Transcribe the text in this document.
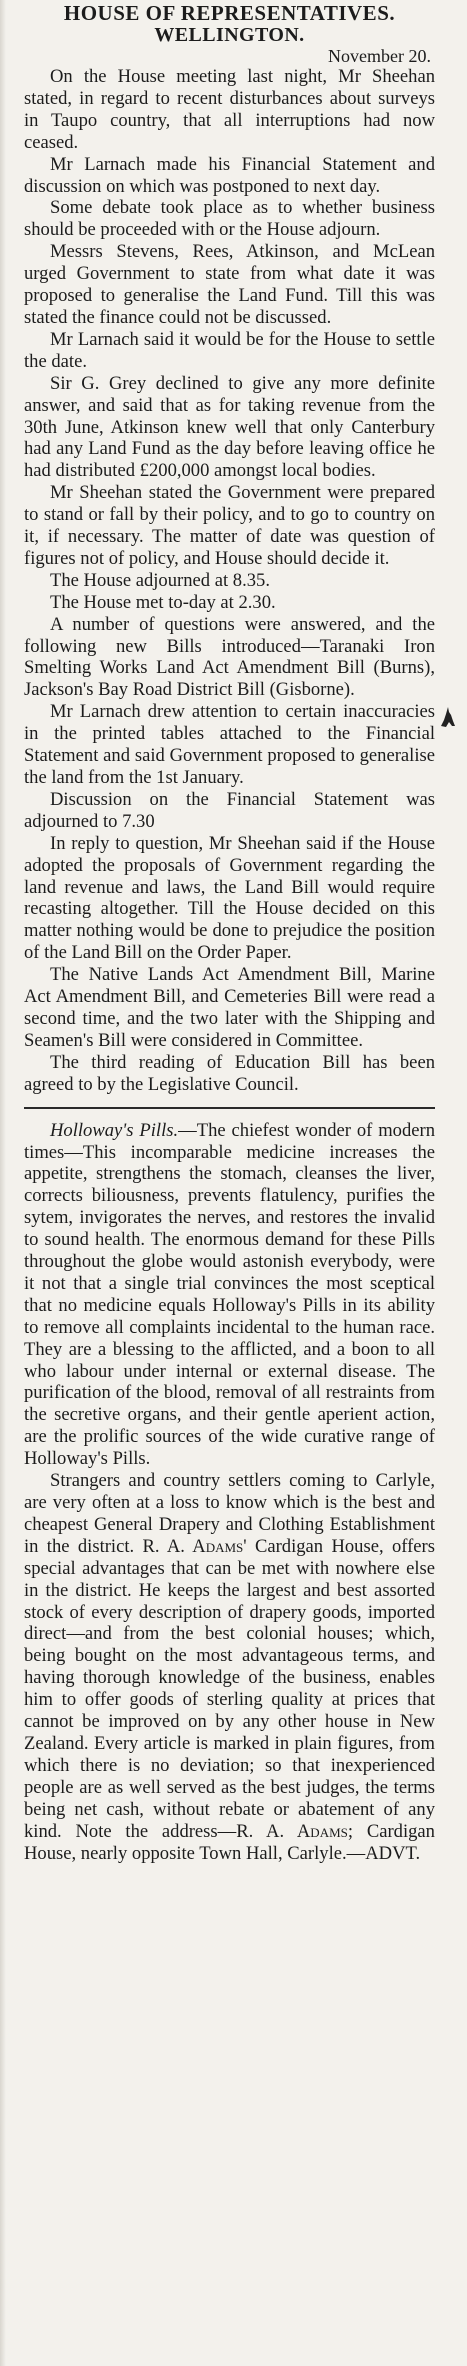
HOUSE OF REPRESENTATIVES.
WELLINGTON.
November 20.

On the House meeting last night, Mr Sheehan stated, in regard to recent disturbances about surveys in Taupo country, that all interruptions had now ceased.

Mr Larnach made his Financial Statement and discussion on which was postponed to next day.

Some debate took place as to whether business should be proceeded with or the House adjourn.

Messrs Stevens, Rees, Atkinson, and McLean urged Government to state from what date it was proposed to generalise the Land Fund. Till this was stated the finance could not be discussed.

Mr Larnach said it would be for the House to settle the date.

Sir G. Grey declined to give any more definite answer, and said that as for taking revenue from the 30th June, Atkinson knew well that only Canterbury had any Land Fund as the day before leaving office he had distributed £200,000 amongst local bodies.

Mr Sheehan stated the Government were prepared to stand or fall by their policy, and to go to country on it, if necessary. The matter of date was question of figures not of policy, and House should decide it.

The House adjourned at 8.35.

The House met to-day at 2.30.

A number of questions were answered, and the following new Bills introduced—Taranaki Iron Smelting Works Land Act Amendment Bill (Burns), Jackson's Bay Road District Bill (Gisborne).

Mr Larnach drew attention to certain inaccuracies in the printed tables attached to the Financial Statement and said Government proposed to generalise the land from the 1st January.

Discussion on the Financial Statement was adjourned to 7.30

In reply to question, Mr Sheehan said if the House adopted the proposals of Government regarding the land revenue and laws, the Land Bill would require recasting altogether. Till the House decided on this matter nothing would be done to prejudice the position of the Land Bill on the Order Paper.

The Native Lands Act Amendment Bill, Marine Act Amendment Bill, and Cemeteries Bill were read a second time, and the two later with the Shipping and Seamen's Bill were considered in Committee.

The third reading of Education Bill has been agreed to by the Legislative Council.

Holloway's Pills.—The chiefest wonder of modern times—This incomparable medicine increases the appetite, strengthens the stomach, cleanses the liver, corrects biliousness, prevents flatulency, purifies the sytem, invigorates the nerves, and restores the invalid to sound health. The enormous demand for these Pills throughout the globe would astonish everybody, were it not that a single trial convinces the most sceptical that no medicine equals Holloway's Pills in its ability to remove all complaints incidental to the human race. They are a blessing to the afflicted, and a boon to all who labour under internal or external disease. The purification of the blood, removal of all restraints from the secretive organs, and their gentle aperient action, are the prolific sources of the wide curative range of Holloway's Pills.

Strangers and country settlers coming to Carlyle, are very often at a loss to know which is the best and cheapest General Drapery and Clothing Establishment in the district. R. A. Adams' Cardigan House, offers special advantages that can be met with nowhere else in the district. He keeps the largest and best assorted stock of every description of drapery goods, imported direct—and from the best colonial houses; which, being bought on the most advantageous terms, and having thorough knowledge of the business, enables him to offer goods of sterling quality at prices that cannot be improved on by any other house in New Zealand. Every article is marked in plain figures, from which there is no deviation; so that inexperienced people are as well served as the best judges, the terms being net cash, without rebate or abatement of any kind. Note the address—R. A. Adams; Cardigan House, nearly opposite Town Hall, Carlyle.—ADVT.
